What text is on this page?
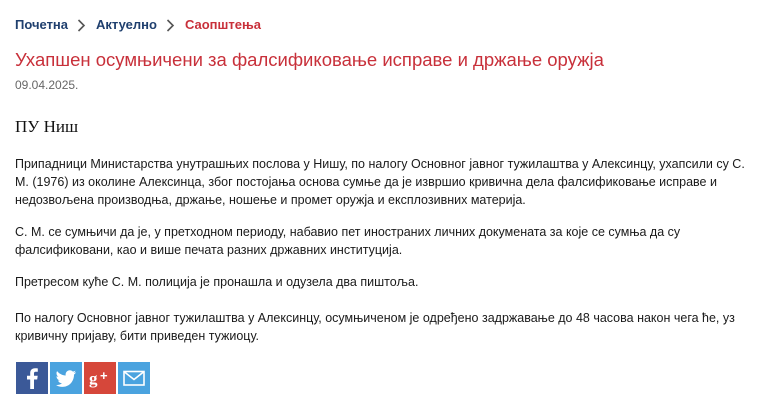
Почетна Актуелно Саопштења
Ухапшен осумњичени за фалсификовање исправе и држање оружја
09.04.2025.
ПУ Ниш

Припадници Министарства унутрашњих послова у Нишу, по налогу Основног јавног тужилаштва у Алексинцу, ухапсили су С. М. (1976) из околине Алексинца, због постојања основа сумње да је извршио кривична дела фалсификовање исправе и недозвољена производња, држање, ношење и промет оружја и експлозивних материја.

С. М. се сумњичи да је, у претходном периоду, набавио пет иностраних личних докумената за које се сумња да су фалсификовани, као и више печата разних државних институција.

Претресом куће С. М. полиција је пронашла и одузела два пиштоља.

По налогу Основног јавног тужилаштва у Алексинцу, осумњиченом је одређено задржавање до 48 часова након чега ће, уз кривичну пријаву, бити приведен тужиоцу.

g +
